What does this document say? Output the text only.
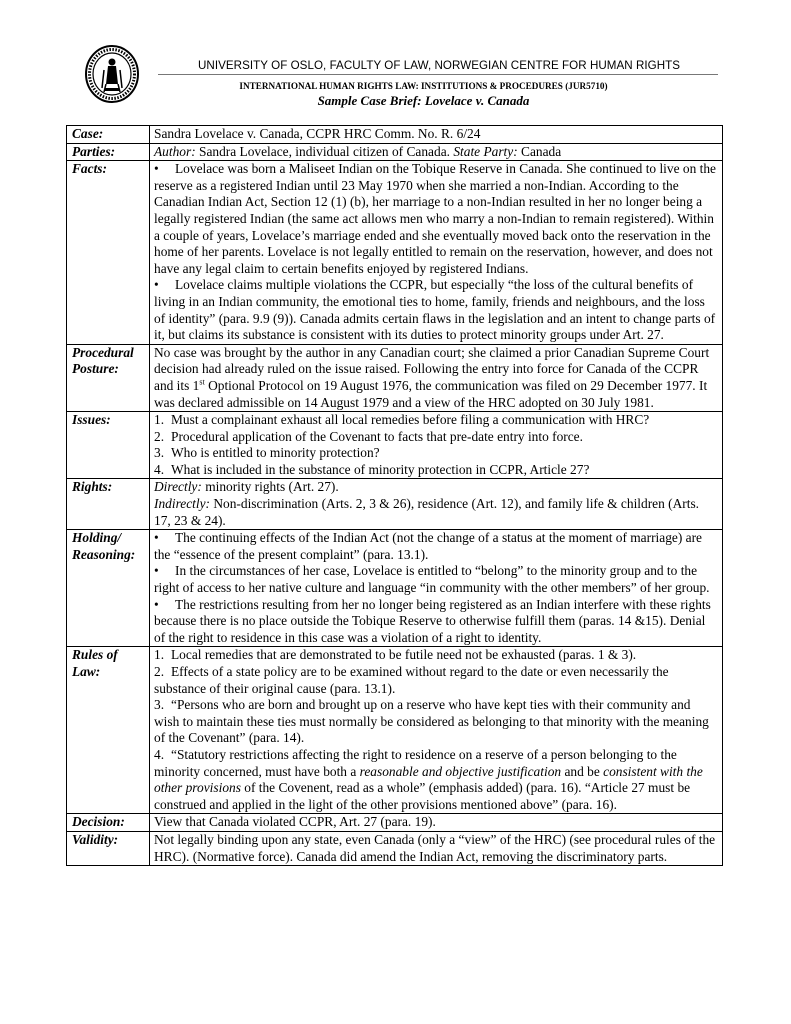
UNIVERSITY OF OSLO, FACULTY OF LAW, NORWEGIAN CENTRE FOR HUMAN RIGHTS
INTERNATIONAL HUMAN RIGHTS LAW: INSTITUTIONS & PROCEDURES (JUR5710)
Sample Case Brief: Lovelace v. Canada
Case:	Sandra Lovelace v. Canada, CCPR HRC Comm. No. R. 6/24

Parties:	Author: Sandra Lovelace, individual citizen of Canada. State Party: Canada

Facts:	• Lovelace was born a Maliseet Indian on the Tobique Reserve in Canada. She continued to live on the reserve as a registered Indian until 23 May 1970 when she married a non-Indian. According to the Canadian Indian Act, Section 12 (1) (b), her marriage to a non-Indian resulted in her no longer being a legally registered Indian (the same act allows men who marry a non-Indian to remain registered). Within a couple of years, Lovelace’s marriage ended and she eventually moved back onto the reservation in the home of her parents. Lovelace is not legally entitled to remain on the reservation, however, and does not have any legal claim to certain benefits enjoyed by registered Indians.
• Lovelace claims multiple violations the CCPR, but especially “the loss of the cultural benefits of living in an Indian community, the emotional ties to home, family, friends and neighbours, and the loss of identity” (para. 9.9 (9)). Canada admits certain flaws in the legislation and an intent to change parts of it, but claims its substance is consistent with its duties to protect minority groups under Art. 27.

Procedural Posture:	No case was brought by the author in any Canadian court; she claimed a prior Canadian Supreme Court decision had already ruled on the issue raised. Following the entry into force for Canada of the CCPR and its 1st Optional Protocol on 19 August 1976, the communication was filed on 29 December 1977. It was declared admissible on 14 August 1979 and a view of the HRC adopted on 30 July 1981.

Issues:	1. Must a complainant exhaust all local remedies before filing a communication with HRC?
2. Procedural application of the Covenant to facts that pre-date entry into force.
3. Who is entitled to minority protection?
4. What is included in the substance of minority protection in CCPR, Article 27?

Rights:	Directly: minority rights (Art. 27).
Indirectly: Non-discrimination (Arts. 2, 3 & 26), residence (Art. 12), and family life & children (Arts. 17, 23 & 24).

Holding/ Reasoning:	• The continuing effects of the Indian Act (not the change of a status at the moment of marriage) are the “essence of the present complaint” (para. 13.1).
• In the circumstances of her case, Lovelace is entitled to “belong” to the minority group and to the right of access to her native culture and language “in community with the other members” of her group.
• The restrictions resulting from her no longer being registered as an Indian interfere with these rights because there is no place outside the Tobique Reserve to otherwise fulfill them (paras. 14 &15). Denial of the right to residence in this case was a violation of a right to identity.

Rules of Law:	1. Local remedies that are demonstrated to be futile need not be exhausted (paras. 1 & 3).
2. Effects of a state policy are to be examined without regard to the date or even necessarily the substance of their original cause (para. 13.1).
3. “Persons who are born and brought up on a reserve who have kept ties with their community and wish to maintain these ties must normally be considered as belonging to that minority with the meaning of the Covenant” (para. 14).
4. “Statutory restrictions affecting the right to residence on a reserve of a person belonging to the minority concerned, must have both a reasonable and objective justification and be consistent with the other provisions of the Covenent, read as a whole” (emphasis added) (para. 16). “Article 27 must be construed and applied in the light of the other provisions mentioned above” (para. 16).

Decision:	View that Canada violated CCPR, Art. 27 (para. 19).

Validity:	Not legally binding upon any state, even Canada (only a “view” of the HRC) (see procedural rules of the HRC). (Normative force). Canada did amend the Indian Act, removing the discriminatory parts.
